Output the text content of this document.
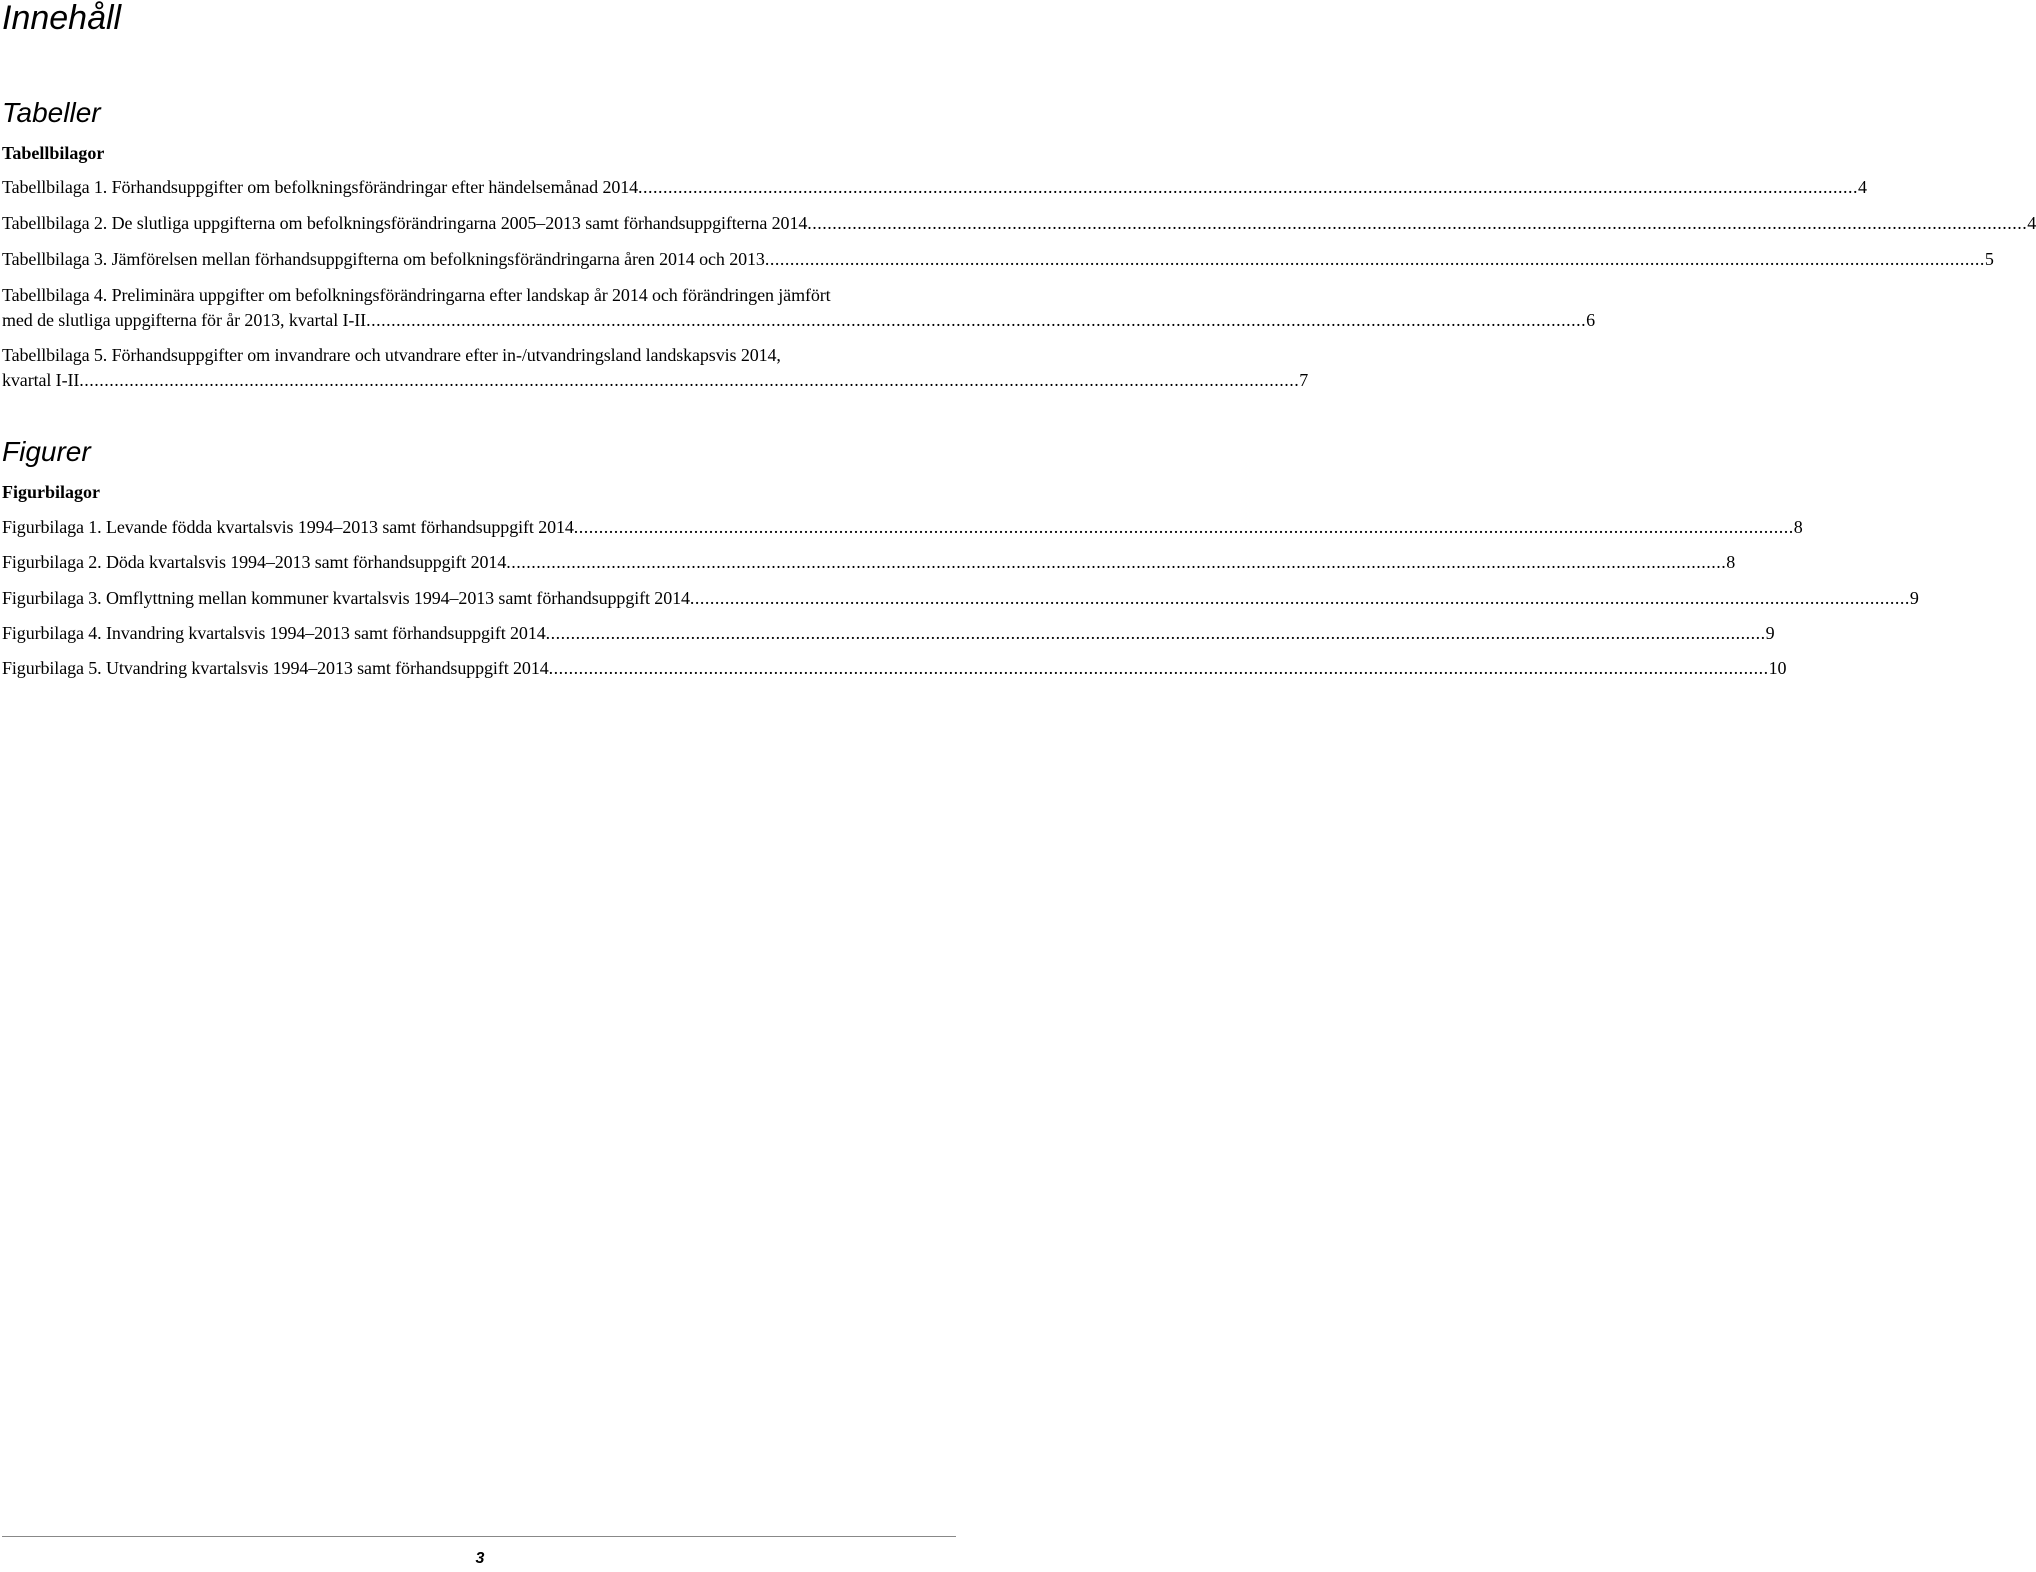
Innehåll
Tabeller
Tabellbilagor
Tabellbilaga 1. Förhandsuppgifter om befolkningsförändringar efter händelsemånad 2014 .................................................................................................................................................................................................................................................... 4
Tabellbilaga 2. De slutliga uppgifterna om befolkningsförändringarna 2005–2013 samt förhandsuppgifterna 2014 .................................................................................................................................................................................................................................................... 4
Tabellbilaga 3. Jämförelsen mellan förhandsuppgifterna om befolkningsförändringarna åren 2014 och 2013 .................................................................................................................................................................................................................................................... 5
Tabellbilaga 4. Preliminära uppgifter om befolkningsförändringarna efter landskap år 2014 och förändringen jämfört
med de slutliga uppgifterna för år 2013, kvartal I-II .................................................................................................................................................................................................................................................... 6
Tabellbilaga 5. Förhandsuppgifter om invandrare och utvandrare efter in-/utvandringsland landskapsvis 2014,
kvartal I-II .................................................................................................................................................................................................................................................... 7
Figurer
Figurbilagor
Figurbilaga 1. Levande födda kvartalsvis 1994–2013 samt förhandsuppgift 2014 .................................................................................................................................................................................................................................................... 8
Figurbilaga 2. Döda kvartalsvis 1994–2013 samt förhandsuppgift 2014 .................................................................................................................................................................................................................................................... 8
Figurbilaga 3. Omflyttning mellan kommuner kvartalsvis 1994–2013 samt förhandsuppgift 2014 .................................................................................................................................................................................................................................................... 9
Figurbilaga 4. Invandring kvartalsvis 1994–2013 samt förhandsuppgift 2014 .................................................................................................................................................................................................................................................... 9
Figurbilaga 5. Utvandring kvartalsvis 1994–2013 samt förhandsuppgift 2014 .................................................................................................................................................................................................................................................... 10
3
